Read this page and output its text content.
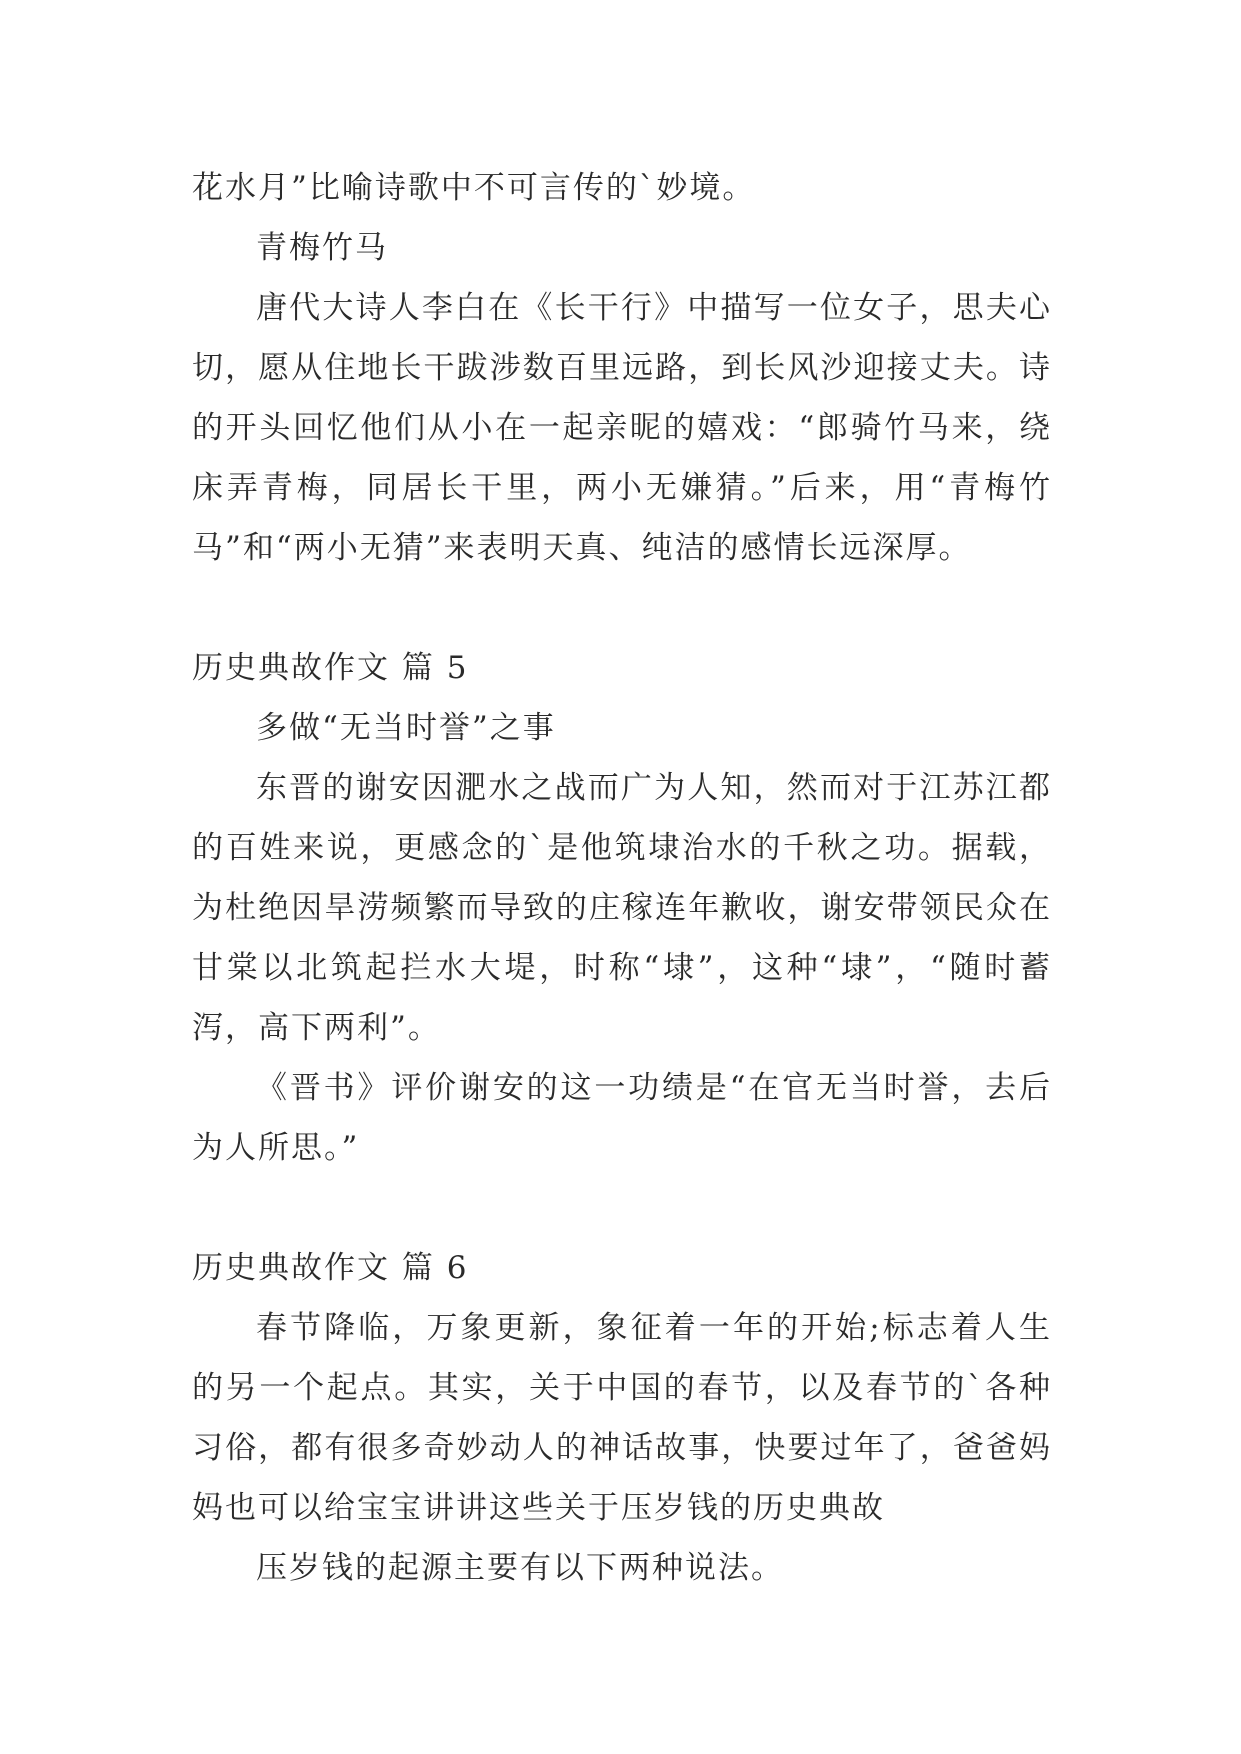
花水月”比喻诗歌中不可言传的`妙境。

青梅竹马

唐代大诗人李白在《长干行》中描写一位女子，思夫心切，愿从住地长干跋涉数百里远路，到长风沙迎接丈夫。诗的开头回忆他们从小在一起亲昵的嬉戏：“郎骑竹马来，绕床弄青梅，同居长干里，两小无嫌猜。”后来，用“青梅竹马”和“两小无猜”来表明天真、纯洁的感情长远深厚。

历史典故作文 篇 5

多做“无当时誉”之事

东晋的谢安因淝水之战而广为人知，然而对于江苏江都的百姓来说，更感念的`是他筑埭治水的千秋之功。据载，为杜绝因旱涝频繁而导致的庄稼连年歉收，谢安带领民众在甘棠以北筑起拦水大堤，时称“埭”，这种“埭”，“随时蓄泻，高下两利”。

《晋书》评价谢安的这一功绩是“在官无当时誉，去后为人所思。”

历史典故作文 篇 6

春节降临，万象更新，象征着一年的开始;标志着人生的另一个起点。其实，关于中国的春节，以及春节的`各种习俗，都有很多奇妙动人的神话故事，快要过年了，爸爸妈妈也可以给宝宝讲讲这些关于压岁钱的历史典故

压岁钱的起源主要有以下两种说法。
